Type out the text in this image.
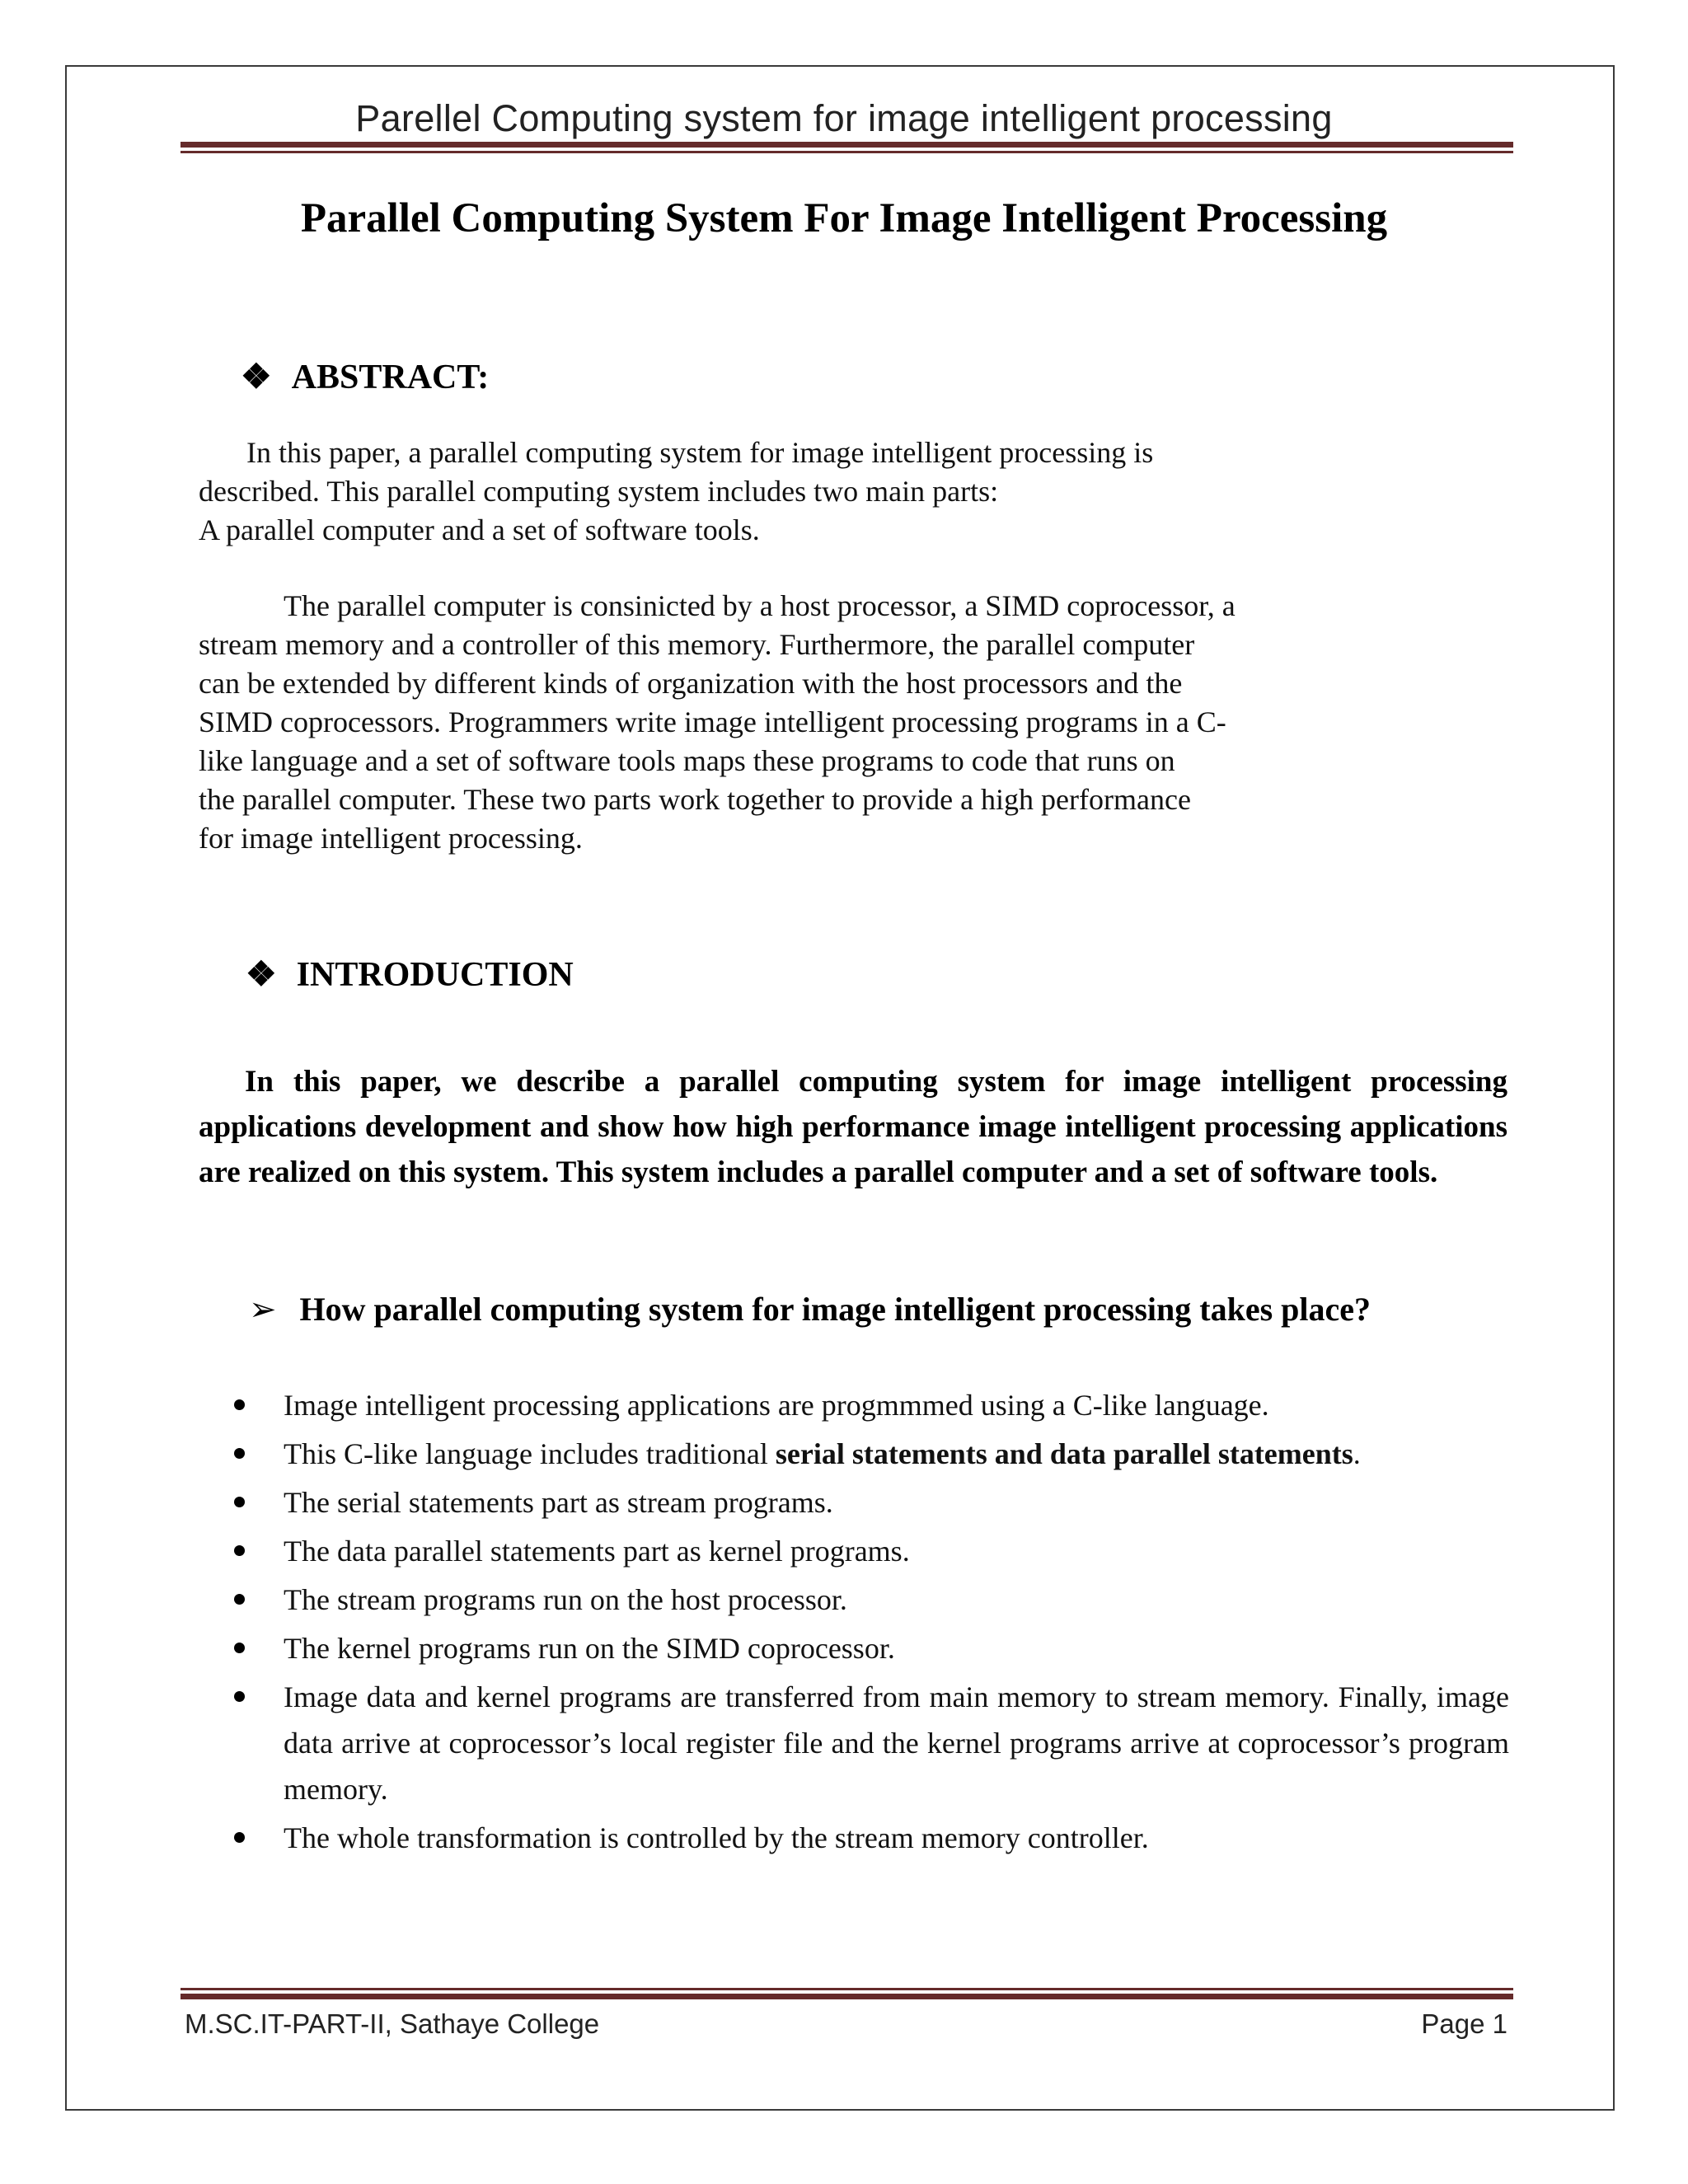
Parellel Computing system for image intelligent processing
Parallel Computing System For Image Intelligent Processing
❖ ABSTRACT:

In this paper, a parallel computing system for image intelligent processing is
described. This parallel computing system includes two main parts:
A parallel computer and a set of software tools.

The parallel computer is consinicted by a host processor, a SIMD coprocessor, a
stream memory and a controller of this memory. Furthermore, the parallel computer
can be extended by different kinds of organization with the host processors and the
SIMD coprocessors. Programmers write image intelligent processing programs in a C-
like language and a set of software tools maps these programs to code that runs on
the parallel computer. These two parts work together to provide a high performance
for image intelligent processing.

❖ INTRODUCTION

In this paper, we describe a parallel computing system for image intelligent processing applications development and show how high performance image intelligent processing applications are realized on this system. This system includes a parallel computer and a set of software tools.

➢ How parallel computing system for image intelligent processing takes place?
Image intelligent processing applications are progmmmed using a C-like language.
This C-like language includes traditional serial statements and data parallel statements.
The serial statements part as stream programs.
The data parallel statements part as kernel programs.
The stream programs run on the host processor.
The kernel programs run on the SIMD coprocessor.
Image data and kernel programs are transferred from main memory to stream memory. Finally, image data arrive at coprocessor’s local register file and the kernel programs arrive at coprocessor’s program memory.
The whole transformation is controlled by the stream memory controller.
M.SC.IT-PART-II, Sathaye College	Page 1
